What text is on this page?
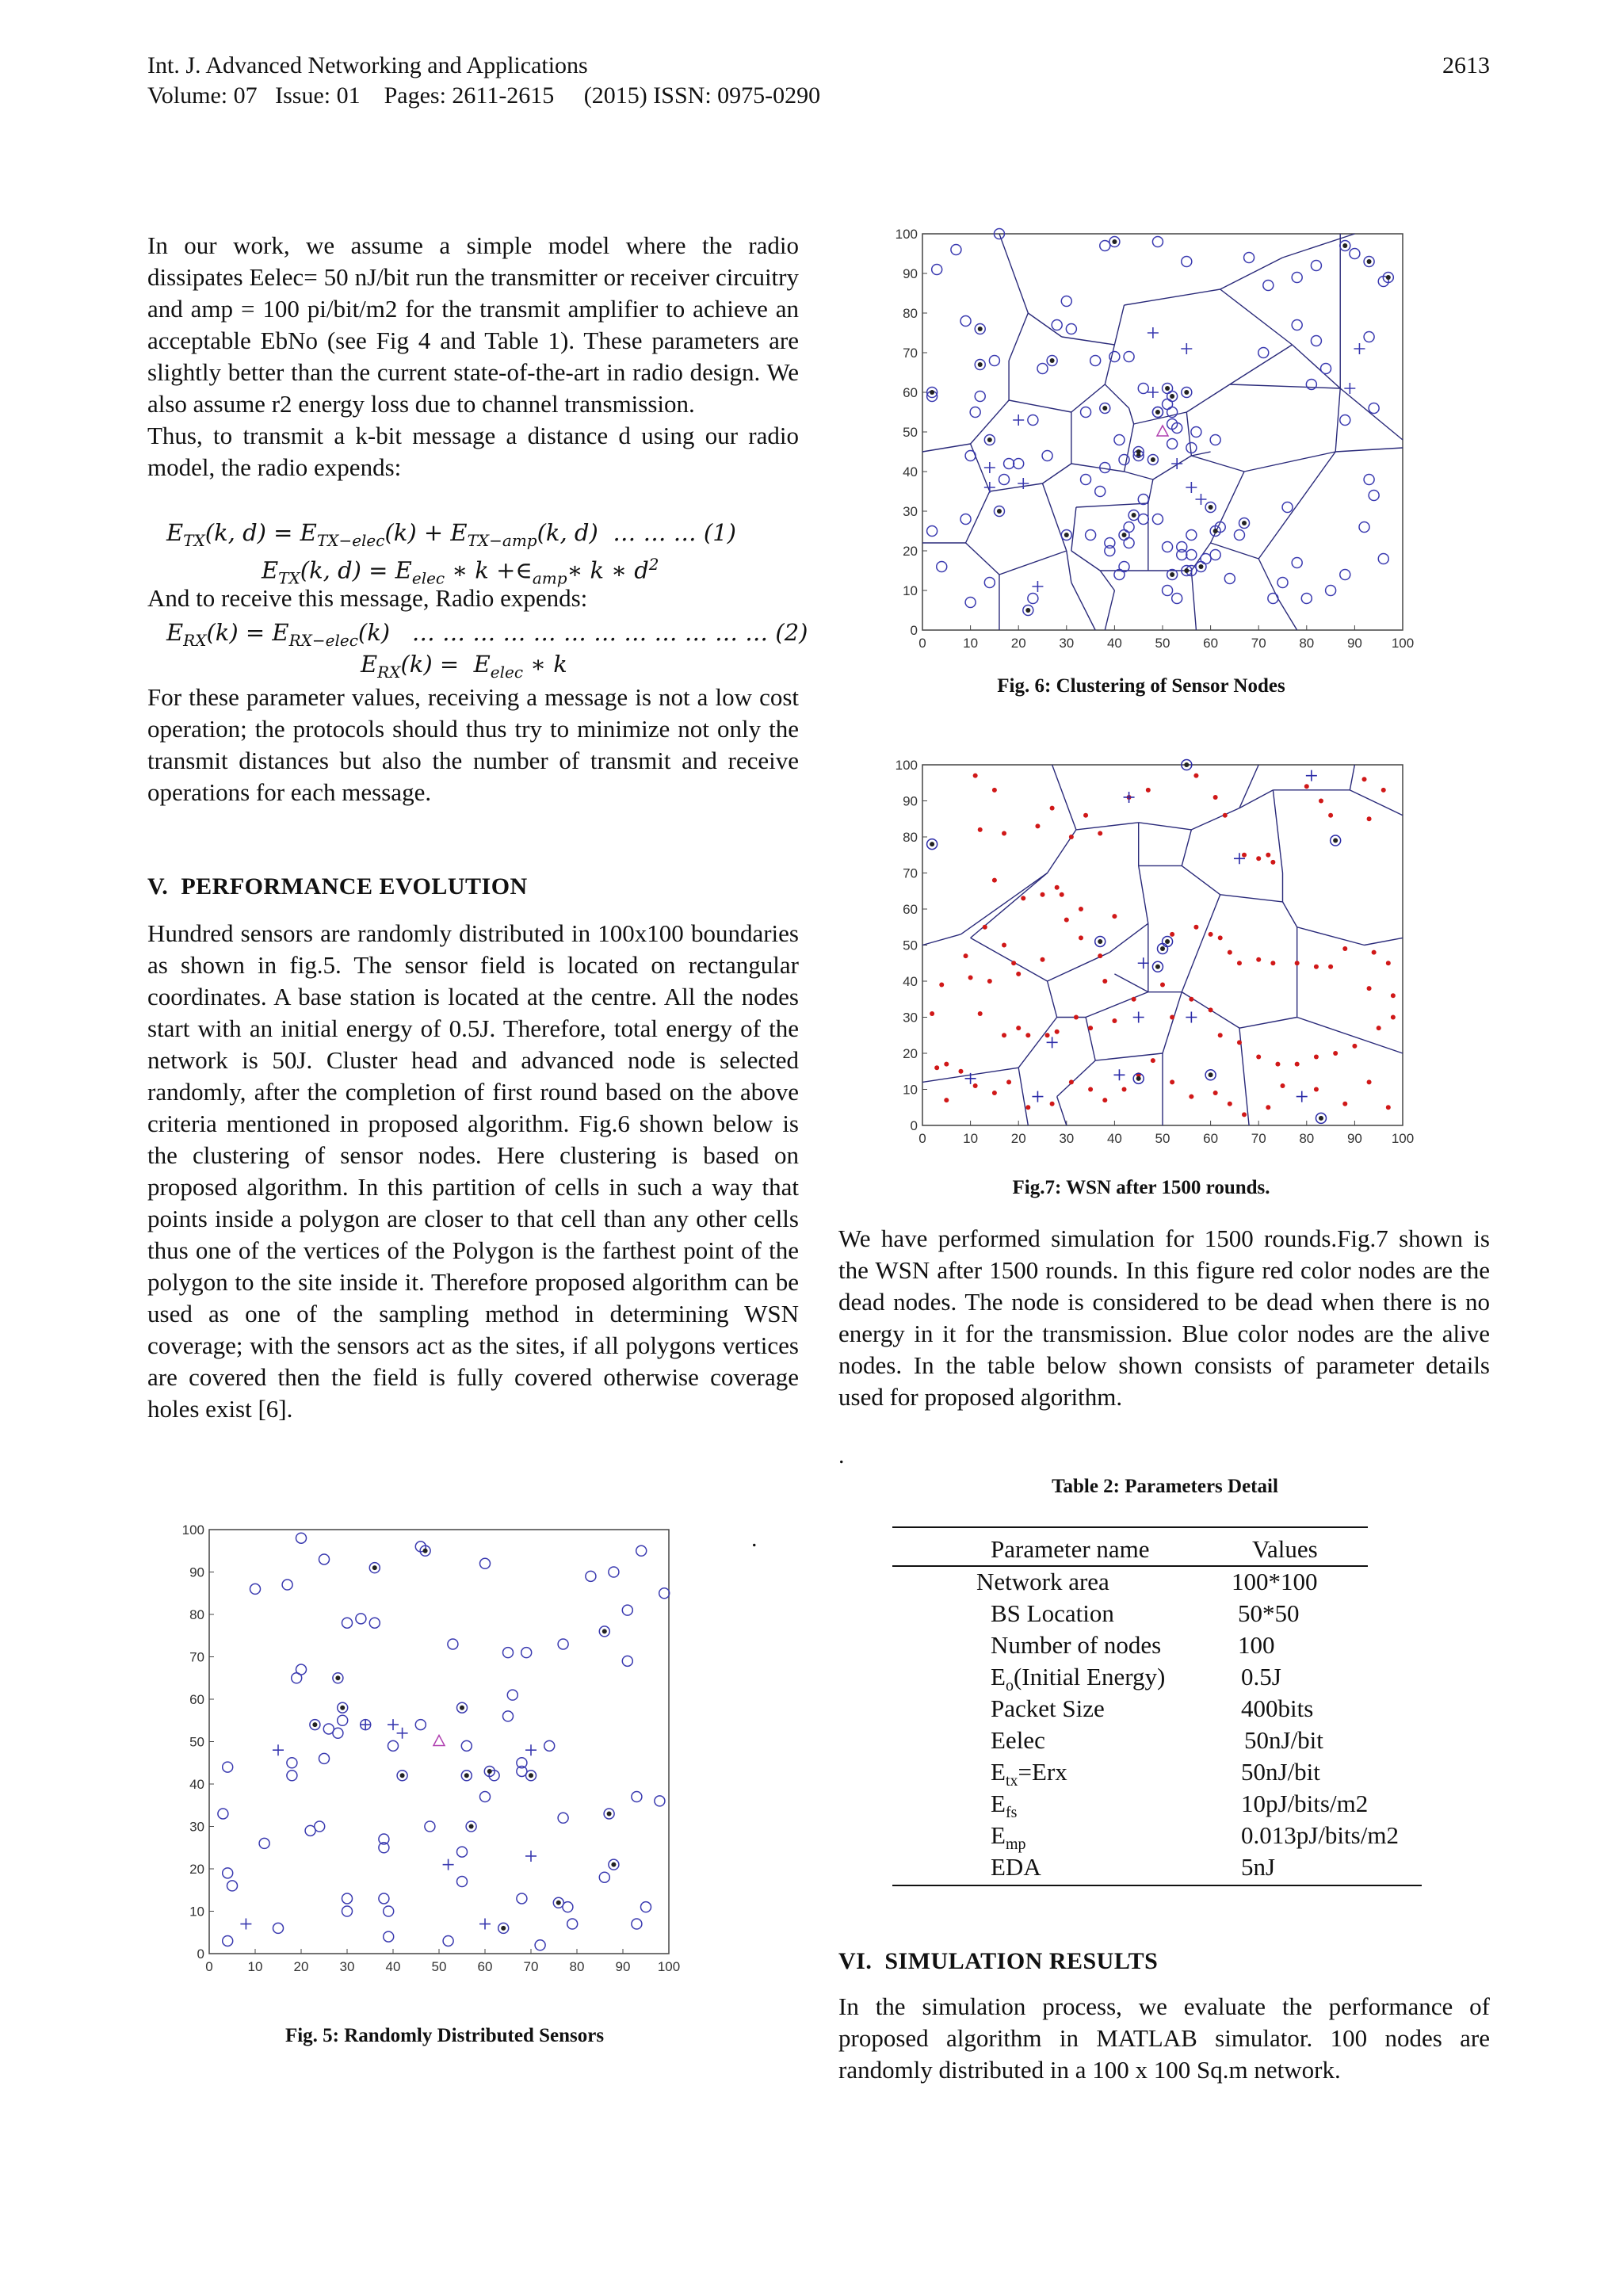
Int. J. Advanced Networking and Applications	2613
Volume: 07   Issue: 01    Pages: 2611-2615     (2015) ISSN: 0975-0290

In our work, we assume a simple model where the radio dissipates Eelec= 50 nJ/bit run the transmitter or receiver circuitry and amp = 100 pi/bit/m2 for the transmit amplifier to achieve an acceptable EbNo (see Fig 4 and Table 1). These parameters are slightly better than the current state-of-the-art in radio design. We also assume r2 energy loss due to channel transmission.

Thus, to transmit a k-bit message a distance d using our radio model, the radio expends:

$E_{TX}(k$, $d) = E_{TX-elec}(k) + E_{TX-amp}(k$, d)  … … … (1)
$E_{TX}(k$, $d) = E_{elec}$ ∗ $k +\in_{amp}∗$ k ∗ $d^2$
And to receive this message, Radio expends:
$E_{RX}(k) = E_{RX-elec}(k)$   … … … … … … … … … … … … (2)
$E_{RX}(k) = E_{elec}$ ∗ k
For these parameter values, receiving a message is not a low cost operation; the protocols should thus try to minimize not only the transmit distances but also the number of transmit and receive operations for each message.
V. PERFORMANCE EVOLUTION
Hundred sensors are randomly distributed in 100x100 boundaries as shown in fig.5. The sensor field is located on rectangular coordinates. A base station is located at the centre. All the nodes start with an initial energy of 0.5J. Therefore, total energy of the network is 50J. Cluster head and advanced node is selected randomly, after the completion of first round based on the above criteria mentioned in proposed algorithm. Fig.6 shown below is the clustering of sensor nodes. Here clustering is based on proposed algorithm. In this partition of cells in such a way that points inside a polygon are closer to that cell than any other cells thus one of the vertices of the Polygon is the farthest point of the polygon to the site inside it. Therefore proposed algorithm can be used as one of the sampling method in determining WSN coverage; with the sensors act as the sites, if all polygons vertices are covered then the field is fully covered otherwise coverage holes exist [6].
0
0
10
10
20
20
30
30
40
40
50
50
60
60
70
70
80
80
90
90
100
100
Fig. 5: Randomly Distributed Sensors
.
0
0
10
10
20
20
30
30
40
40
50
50
60
60
70
70
80
80
90
90
100
100
Fig. 6: Clustering of Sensor Nodes
0
0
10
10
20
20
30
30
40
40
50
50
60
60
70
70
80
80
90
90
100
100
Fig.7: WSN after 1500 rounds.
We have performed simulation for 1500 rounds.Fig.7 shown is the WSN after 1500 rounds. In this figure red color nodes are the dead nodes. The node is considered to be dead when there is no energy in it for the transmission. Blue color nodes are the alive nodes. In the table below shown consists of parameter details used for proposed algorithm.
.
Table 2: Parameters Detail
Parameter name	Values
Network area	100*100
BS Location	50*50
Number of nodes	100
$E_o(Initial$ Energy)	0.5J
Packet Size	400bits
Eelec	50nJ/bit
$E_{tx}=Erx$	50nJ/bit
$E_{fs}$	10pJ/bits/m2
$E_{mp}$	0.013pJ/bits/m2
EDA	5nJ
VI. SIMULATION RESULTS
In the simulation process, we evaluate the performance of proposed algorithm in MATLAB simulator. 100 nodes are randomly distributed in a 100 x 100 Sq.m network.
